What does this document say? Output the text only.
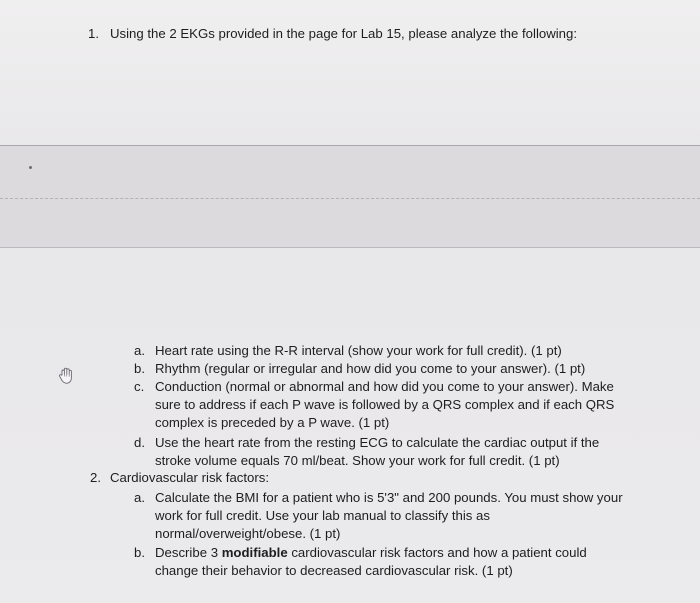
1. Using the 2 EKGs provided in the page for Lab 15, please analyze the following:
a. Heart rate using the R-R interval (show your work for full credit). (1 pt)
b. Rhythm (regular or irregular and how did you come to your answer). (1 pt)
c. Conduction (normal or abnormal and how did you come to your answer). Make
sure to address if each P wave is followed by a QRS complex and if each QRS
complex is preceded by a P wave. (1 pt)
d. Use the heart rate from the resting ECG to calculate the cardiac output if the
stroke volume equals 70 ml/beat. Show your work for full credit. (1 pt)
2. Cardiovascular risk factors:
a. Calculate the BMI for a patient who is 5'3" and 200 pounds. You must show your
work for full credit. Use your lab manual to classify this as
normal/overweight/obese. (1 pt)
b. Describe 3 modifiable cardiovascular risk factors and how a patient could
change their behavior to decreased cardiovascular risk. (1 pt)
